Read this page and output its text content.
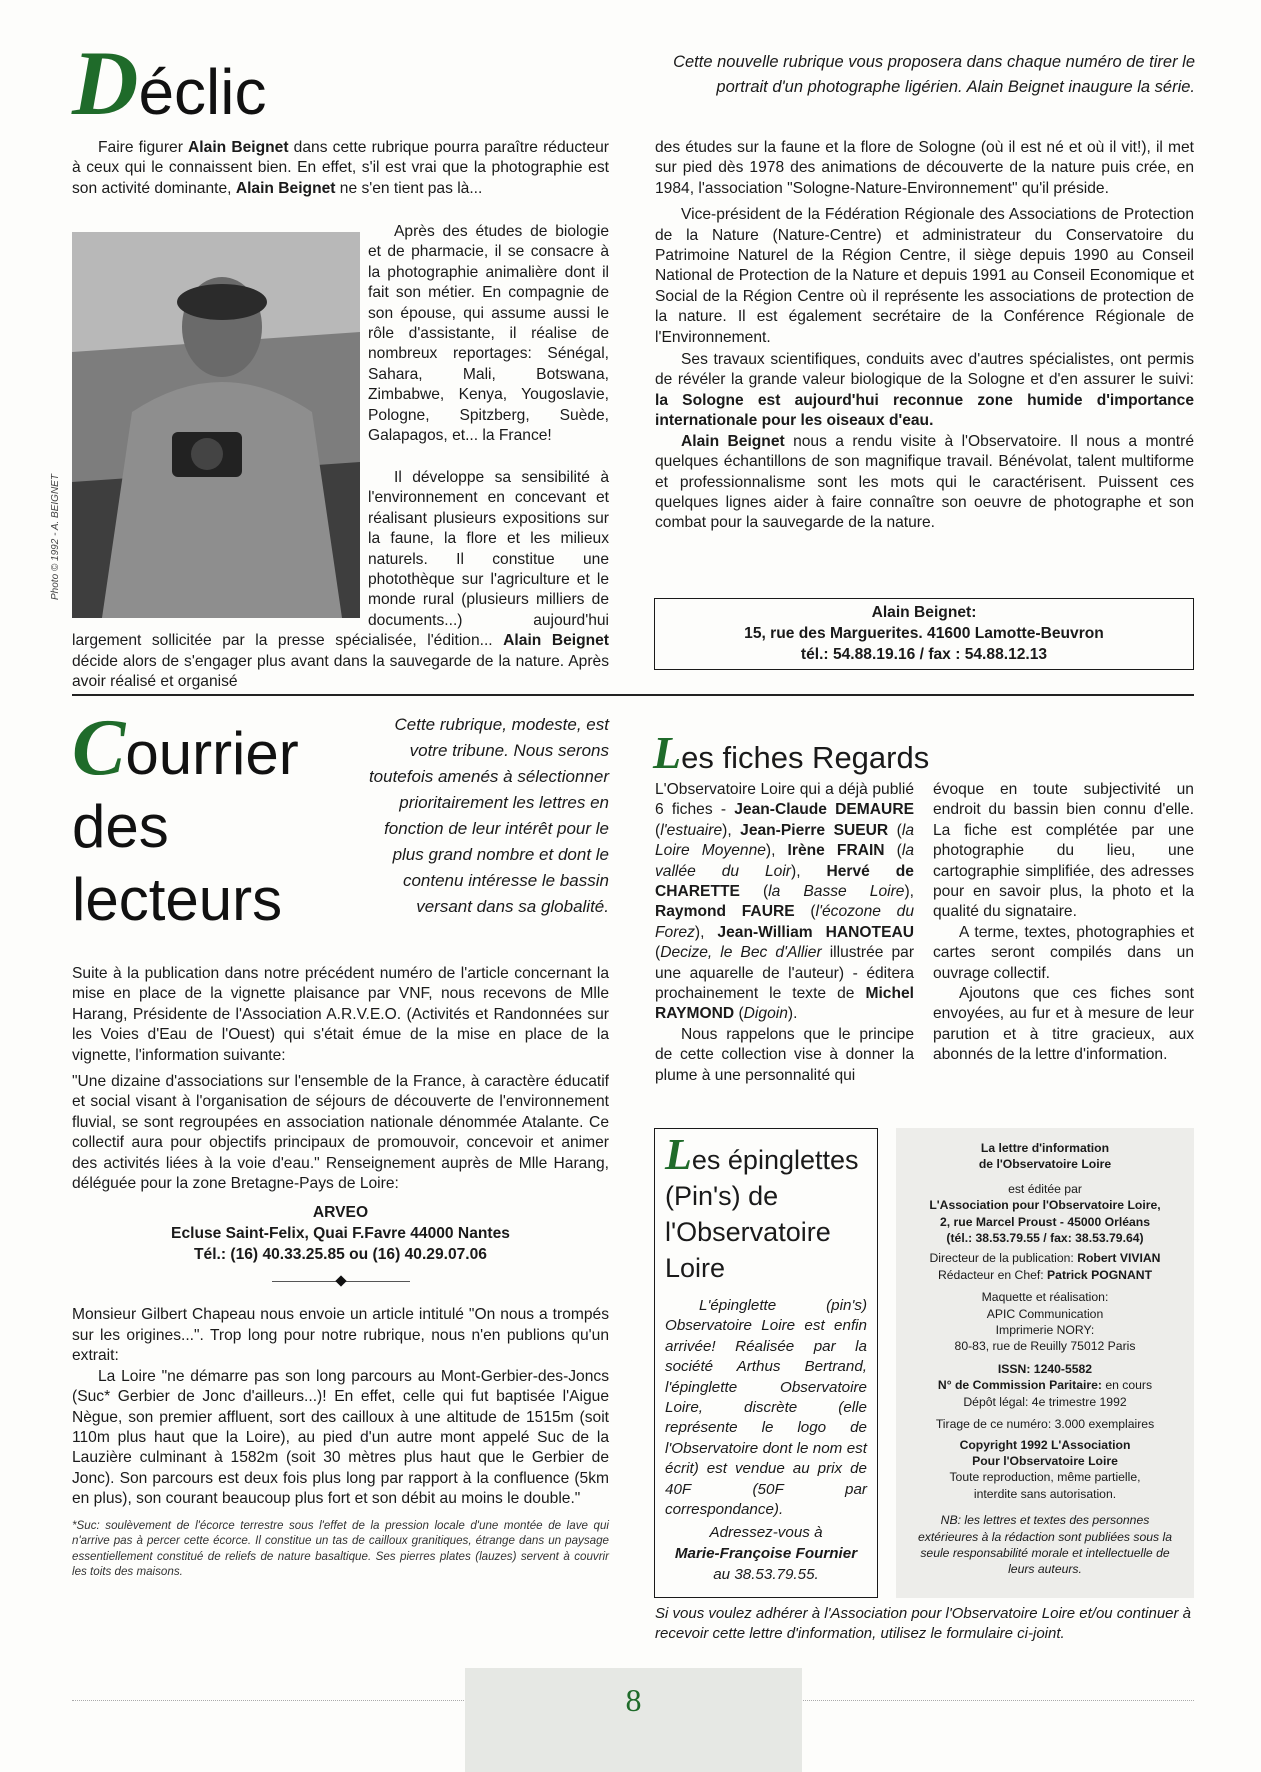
Déclic	Cette nouvelle rubrique vous proposera dans chaque numéro de tirer le portrait d'un photographe ligérien. Alain Beignet inaugure la série.

Faire figurer Alain Beignet dans cette rubrique pourra paraître réducteur à ceux qui le connaissent bien. En effet, s'il est vrai que la photographie est son activité dominante, Alain Beignet ne s'en tient pas là...

Photo © 1992 - A. BEIGNET

Après des études de biologie et de pharmacie, il se consacre à la photographie animalière dont il fait son métier. En compagnie de son épouse, qui assume aussi le rôle d'assistante, il réalise de nombreux reportages: Sénégal, Sahara, Mali, Botswana, Zimbabwe, Kenya, Yougoslavie, Pologne, Spitzberg, Suède, Galapagos, et... la France!

Il développe sa sensibilité à l'environnement en concevant et réalisant plusieurs expositions sur la faune, la flore et les milieux naturels. Il constitue une photothèque sur l'agriculture et le monde rural (plusieurs milliers de documents...) aujourd'hui largement sollicitée par la presse spécialisée, l'édition... Alain Beignet décide alors de s'engager plus avant dans la sauvegarde de la nature. Après avoir réalisé et organisé
des études sur la faune et la flore de Sologne (où il est né et où il vit!), il met sur pied dès 1978 des animations de découverte de la nature puis crée, en 1984, l'association "Sologne-Nature-Environnement" qu'il préside.

Vice-président de la Fédération Régionale des Associations de Protection de la Nature (Nature-Centre) et administrateur du Conservatoire du Patrimoine Naturel de la Région Centre, il siège depuis 1990 au Conseil National de Protection de la Nature et depuis 1991 au Conseil Economique et Social de la Région Centre où il représente les associations de protection de la nature. Il est également secrétaire de la Conférence Régionale de l'Environnement.

Ses travaux scientifiques, conduits avec d'autres spécialistes, ont permis de révéler la grande valeur biologique de la Sologne et d'en assurer le suivi: la Sologne est aujourd'hui reconnue zone humide d'importance internationale pour les oiseaux d'eau.

Alain Beignet nous a rendu visite à l'Observatoire. Il nous a montré quelques échantillons de son magnifique travail. Bénévolat, talent multiforme et professionnalisme sont les mots qui le caractérisent. Puissent ces quelques lignes aider à faire connaître son oeuvre de photographe et son combat pour la sauvegarde de la nature.

Alain Beignet:
15, rue des Marguerites. 41600 Lamotte-Beuvron
tél.: 54.88.19.16 / fax : 54.88.12.13
Courrier
des
lecteurs
Cette rubrique, modeste, est votre tribune. Nous serons toutefois amenés à sélectionner prioritairement les lettres en fonction de leur intérêt pour le plus grand nombre et dont le contenu intéresse le bassin versant dans sa globalité.
Suite à la publication dans notre précédent numéro de l'article concernant la mise en place de la vignette plaisance par VNF, nous recevons de Mlle Harang, Présidente de l'Association A.R.V.E.O. (Activités et Randonnées sur les Voies d'Eau de l'Ouest) qui s'était émue de la mise en place de la vignette, l'information suivante:
"Une dizaine d'associations sur l'ensemble de la France, à caractère éducatif et social visant à l'organisation de séjours de découverte de l'environnement fluvial, se sont regroupées en association nationale dénommée Atalante. Ce collectif aura pour objectifs principaux de promouvoir, concevoir et animer des activités liées à la voie d'eau." Renseignement auprès de Mlle Harang, déléguée pour la zone Bretagne-Pays de Loire:
ARVEO
Ecluse Saint-Felix, Quai F.Favre 44000 Nantes
Tél.: (16) 40.33.25.85 ou (16) 40.29.07.06
Monsieur Gilbert Chapeau nous envoie un article intitulé "On nous a trompés sur les origines...". Trop long pour notre rubrique, nous n'en publions qu'un extrait:

La Loire "ne démarre pas son long parcours au Mont-Gerbier-des-Joncs (Suc* Gerbier de Jonc d'ailleurs...)! En effet, celle qui fut baptisée l'Aigue Nègue, son premier affluent, sort des cailloux à une altitude de 1515m (soit 110m plus haut que la Loire), au pied d'un autre mont appelé Suc de la Lauzière culminant à 1582m (soit 30 mètres plus haut que le Gerbier de Jonc). Son parcours est deux fois plus long par rapport à la confluence (5km en plus), son courant beaucoup plus fort et son débit au moins le double."

*Suc: soulèvement de l'écorce terrestre sous l'effet de la pression locale d'une montée de lave qui n'arrive pas à percer cette écorce. Il constitue un tas de cailloux granitiques, étrange dans un paysage essentiellement constitué de reliefs de nature basaltique. Ses pierres plates (lauzes) servent à couvrir les toits des maisons.
Les fiches Regards
L'Observatoire Loire qui a déjà publié 6 fiches - Jean-Claude DEMAURE (l'estuaire), Jean-Pierre SUEUR (la Loire Moyenne), Irène FRAIN (la vallée du Loir), Hervé de CHARETTE (la Basse Loire), Raymond FAURE (l'écozone du Forez), Jean-William HANOTEAU (Decize, le Bec d'Allier illustrée par une aquarelle de l'auteur) - éditera prochainement le texte de Michel RAYMOND (Digoin).

Nous rappelons que le principe de cette collection vise à donner la plume à une personnalité qui

évoque en toute subjectivité un endroit du bassin bien connu d'elle. La fiche est complétée par une photographie du lieu, une cartographie simplifiée, des adresses pour en savoir plus, la photo et la qualité du signataire.

A terme, textes, photographies et cartes seront compilés dans un ouvrage collectif.

Ajoutons que ces fiches sont envoyées, au fur et à mesure de leur parution et à titre gracieux, aux abonnés de la lettre d'information.

Les épinglettes
(Pin's) de
l'Observatoire
Loire
L'épinglette (pin's) Observatoire Loire est enfin arrivée! Réalisée par la société Arthus Bertrand, l'épinglette Observatoire Loire, discrète (elle représente le logo de l'Observatoire dont le nom est écrit) est vendue au prix de 40F (50F par correspondance).
Adressez-vous à
Marie-Françoise Fournier
au 38.53.79.55.
La lettre d'information
de l'Observatoire Loire
est éditée par
L'Association pour l'Observatoire Loire,
2, rue Marcel Proust - 45000 Orléans
(tél.: 38.53.79.55 / fax: 38.53.79.64)
Directeur de la publication: Robert VIVIAN
Rédacteur en Chef: Patrick POGNANT
Maquette et réalisation:
APIC Communication
Imprimerie NORY:
80-83, rue de Reuilly 75012 Paris
ISSN: 1240-5582
N° de Commission Paritaire: en cours
Dépôt légal: 4e trimestre 1992
Tirage de ce numéro: 3.000 exemplaires
Copyright 1992 L'Association
Pour l'Observatoire Loire
Toute reproduction, même partielle,
interdite sans autorisation.
NB: les lettres et textes des personnes extérieures à la rédaction sont publiées sous la seule responsabilité morale et intellectuelle de leurs auteurs.
Si vous voulez adhérer à l'Association pour l'Observatoire Loire et/ou continuer à recevoir cette lettre d'information, utilisez le formulaire ci-joint.
8
